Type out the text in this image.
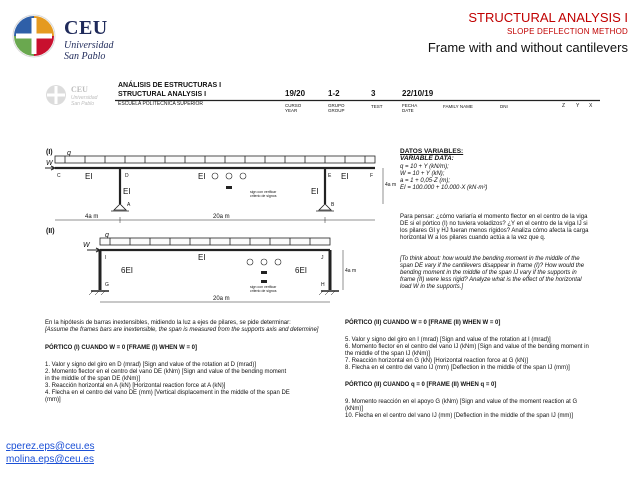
CEU
Universidad
San Pablo
STRUCTURAL ANALYSIS I
SLOPE DEFLECTION METHOD
Frame with and without cantilevers
CEU
Universidad
San Pablo
ANÁLISIS DE ESTRUCTURAS I
STRUCTURAL ANALYSIS I
ESCUELA POLITÉCNICA SUPERIOR
19/20	1-2	3	22/10/19
CURSO
YEAR
GRUPO
GROUP
TEST	FECHA
DATE
FAMILY NAME	DNI	Z Y X
(I) q
W
EI	EI	EI
EI	EI
C	D	E	F
A	B
4a m	20a m
4a m
sign con verificar
criterio de signos
(II)
q
W
EI
6EI	6EI
I	J
G	H
20a m
4a m
sign con verificar
criterio de signos
DATOS VARIABLES:
VARIABLE DATA:
q = 10 + Y (kN/m);
W = 10 + Y (kN);
a = 1 + 0,05·Z (m);
EI = 100.000 + 10.000·X (kN·m²)
Para pensar: ¿cómo variaría el momento flector en el centro de la viga DE si el pórtico (I) no tuviera voladizos? ¿Y en el centro de la viga IJ si los pilares GI y HJ fueran menos rígidos? Analiza cómo afecta la carga horizontal W a los pilares cuando actúa a la vez que q.
[To think about: how would the bending moment in the middle of the span DE vary if the cantilevers disappear in frame (I)? How would the bending moment in the middle of the span IJ vary if the supports in frame (II) were less rigid? Analyze what is the effect of the horizontal load W in the supports.]
En la hipótesis de barras inextensibles, midiendo la luz a ejes de pilares, se pide determinar:
[Assume the frames bars are inextensible, the span is measured from the supports axis and determine]
PÓRTICO (I) CUANDO W = 0 [FRAME (I) WHEN W = 0]
1. Valor y signo del giro en D (mrad) [Sign and value of the rotation at D (mrad)]
2. Momento flector en el centro del vano DE (kNm) [Sign and value of the bending moment
in the middle of the span DE (kNm)]
3. Reacción horizontal en A (kN) [Horizontal reaction force at A (kN)]
4. Flecha en el centro del vano DE (mm) [Vertical displacement in the middle of the span DE
(mm)]
PÓRTICO (II) CUANDO W = 0 [FRAME (II) WHEN W = 0]
5. Valor y signo del giro en I (mrad) [Sign and value of the rotation at I (mrad)]
6. Momento flector en el centro del vano IJ (kNm) [Sign and value of the bending moment in
the middle of the span IJ (kNm)]
7. Reacción horizontal en G (kN) [Horizontal reaction force at G (kN)]
8. Flecha en el centro del vano IJ (mm) [Deflection in the middle of the span IJ (mm)]
PÓRTICO (II) CUANDO q = 0 [FRAME (II) WHEN q = 0]
9. Momento reacción en el apoyo G (kNm) [Sign and value of the moment reaction at G
(kNm)]
10. Flecha en el centro del vano IJ (mm) [Deflection in the middle of the span IJ (mm)]
cperez.eps@ceu.es
molina.eps@ceu.es
